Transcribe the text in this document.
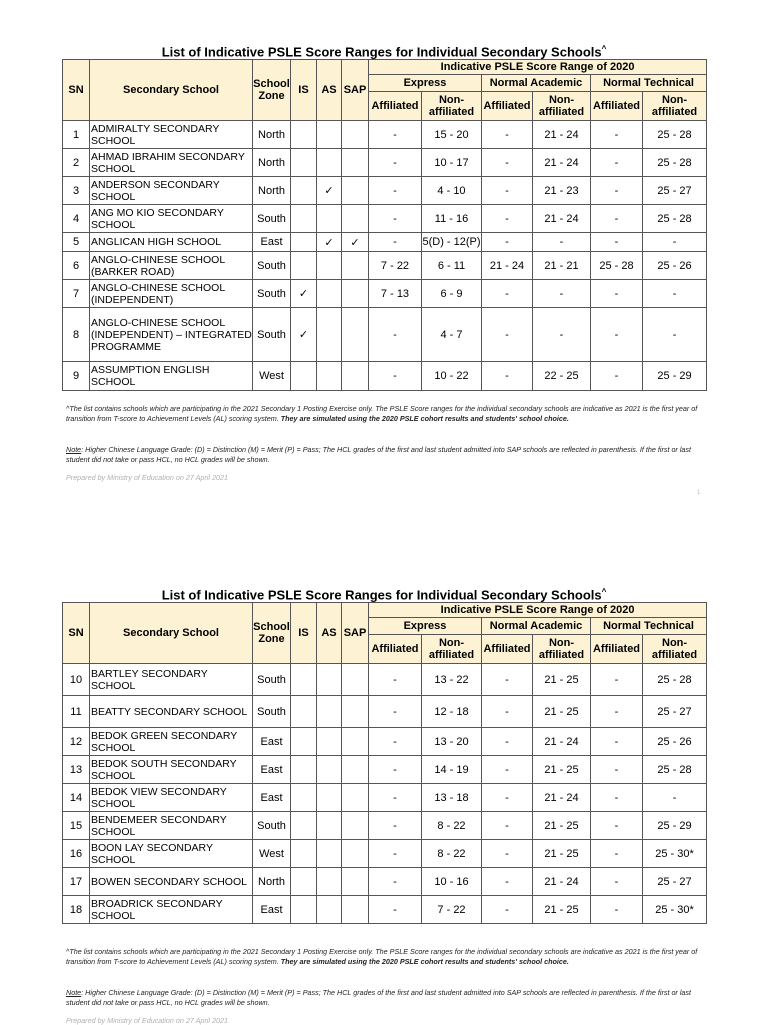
List of Indicative PSLE Score Ranges for Individual Secondary Schools^
SN	Secondary School	School Zone	IS	AS	SAP	Indicative PSLE Score Range of 2020					
						Express		Normal Academic		Normal Technical	
						Affiliated	Non-affiliated	Affiliated	Non-affiliated	Affiliated	Non-affiliated
1	ADMIRALTY SECONDARY SCHOOL	North				-	15 - 20	-	21 - 24	-	25 - 28
2	AHMAD IBRAHIM SECONDARY SCHOOL	North				-	10 - 17	-	21 - 24	-	25 - 28
3	ANDERSON SECONDARY SCHOOL	North		✓		-	4 - 10	-	21 - 23	-	25 - 27
4	ANG MO KIO SECONDARY SCHOOL	South				-	11 - 16	-	21 - 24	-	25 - 28
5	ANGLICAN HIGH SCHOOL	East		✓	✓	-	5(D) - 12(P)	-	-	-	-
6	ANGLO-CHINESE SCHOOL (BARKER ROAD)	South				7 - 22	6 - 11	21 - 24	21 - 21	25 - 28	25 - 26
7	ANGLO-CHINESE SCHOOL (INDEPENDENT)	South	✓			7 - 13	6 - 9	-	-	-	-
8	ANGLO-CHINESE SCHOOL (INDEPENDENT) – INTEGRATED PROGRAMME	South	✓			-	4 - 7	-	-	-	-
9	ASSUMPTION ENGLISH SCHOOL	West				-	10 - 22	-	22 - 25	-	25 - 29
^The list contains schools which are participating in the 2021 Secondary 1 Posting Exercise only. The PSLE Score ranges for the individual secondary schools are indicative as 2021 is the first year of transition from T-score to Achievement Levels (AL) scoring system. They are simulated using the 2020 PSLE cohort results and students' school choice.
Note: Higher Chinese Language Grade: (D) = Distinction (M) = Merit (P) = Pass; The HCL grades of the first and last student admitted into SAP schools are reflected in parenthesis. If the first or last student did not take or pass HCL, no HCL grades will be shown.
Prepared by Ministry of Education on 27 April 2021
1
List of Indicative PSLE Score Ranges for Individual Secondary Schools^
SN	Secondary School	School Zone	IS	AS	SAP	Indicative PSLE Score Range of 2020					
						Express		Normal Academic		Normal Technical	
						Affiliated	Non-affiliated	Affiliated	Non-affiliated	Affiliated	Non-affiliated
10	BARTLEY SECONDARY SCHOOL	South				-	13 - 22	-	21 - 25	-	25 - 28
11	BEATTY SECONDARY SCHOOL	South				-	12 - 18	-	21 - 25	-	25 - 27
12	BEDOK GREEN SECONDARY SCHOOL	East				-	13 - 20	-	21 - 24	-	25 - 26
13	BEDOK SOUTH SECONDARY SCHOOL	East				-	14 - 19	-	21 - 25	-	25 - 28
14	BEDOK VIEW SECONDARY SCHOOL	East				-	13 - 18	-	21 - 24	-	-
15	BENDEMEER SECONDARY SCHOOL	South				-	8 - 22	-	21 - 25	-	25 - 29
16	BOON LAY SECONDARY SCHOOL	West				-	8 - 22	-	21 - 25	-	25 - 30*
17	BOWEN SECONDARY SCHOOL	North				-	10 - 16	-	21 - 24	-	25 - 27
18	BROADRICK SECONDARY SCHOOL	East				-	7 - 22	-	21 - 25	-	25 - 30*
^The list contains schools which are participating in the 2021 Secondary 1 Posting Exercise only. The PSLE Score ranges for the individual secondary schools are indicative as 2021 is the first year of transition from T-score to Achievement Levels (AL) scoring system. They are simulated using the 2020 PSLE cohort results and students' school choice.
Note: Higher Chinese Language Grade: (D) = Distinction (M) = Merit (P) = Pass; The HCL grades of the first and last student admitted into SAP schools are reflected in parenthesis. If the first or last student did not take or pass HCL, no HCL grades will be shown.
Prepared by Ministry of Education on 27 April 2021
